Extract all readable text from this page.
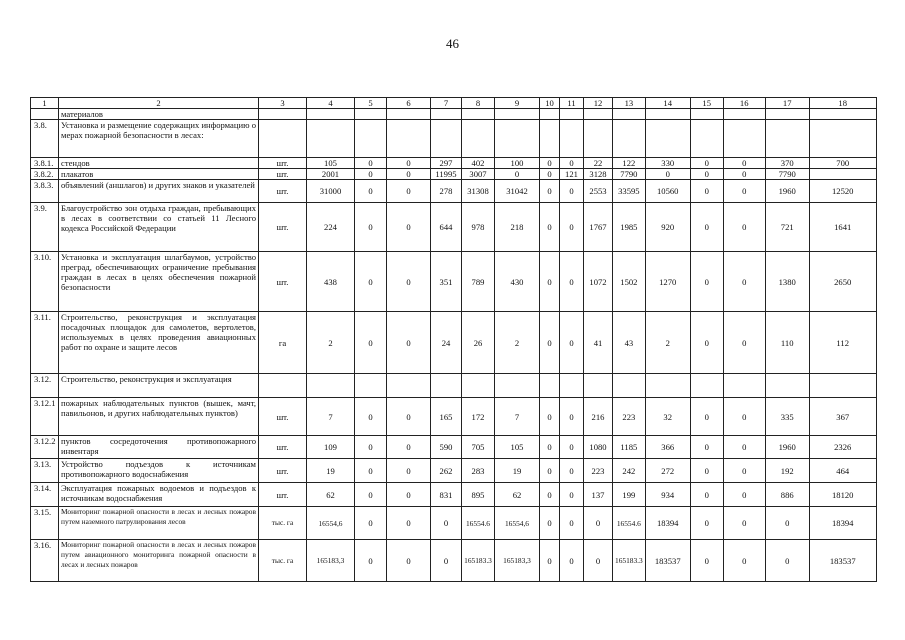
46
1	2	3	4	5	6	7	8	9	10	11	12	13	14	15	16	17	18
	материалов																
3.8.	Установка и размещение содержащих информацию о мерах пожарной безопасности в лесах:																
3.8.1.	стендов	шт.	105	0	0	297	402	100	0	0	22	122	330	0	0	370	700
3.8.2.	плакатов	шт.	2001	0	0	11995	3007	0	0	121	3128	7790	0	0	0	7790	
3.8.3.	объявлений (аншлагов) и других знаков и указателей	шт.	31000	0	0	278	31308	31042	0	0	2553	33595	10560	0	0	1960	12520
3.9.	Благоустройство зон отдыха граждан, пребывающих в лесах в соответствии со статьей 11 Лесного кодекса Российской Федерации	шт.	224	0	0	644	978	218	0	0	1767	1985	920	0	0	721	1641
3.10.	Установка и эксплуатация шлагбаумов, устройство преград, обеспечивающих ограничение пребывания граждан в лесах в целях обеспечения пожарной безопасности	шт.	438	0	0	351	789	430	0	0	1072	1502	1270	0	0	1380	2650
3.11.	Строительство, реконструкция и эксплуатация посадочных площадок для самолетов, вертолетов, используемых в целях проведения авиационных работ по охране и защите лесов	га	2	0	0	24	26	2	0	0	41	43	2	0	0	110	112
3.12.	Строительство, реконструкция и эксплуатация																
3.12.1	пожарных наблюдательных пунктов (вышек, мачт, павильонов, и других наблюдательных пунктов)	шт.	7	0	0	165	172	7	0	0	216	223	32	0	0	335	367
3.12.2	пунктов сосредоточения противопожарного инвентаря	шт.	109	0	0	590	705	105	0	0	1080	1185	366	0	0	1960	2326
3.13.	Устройство подъездов к источникам противопожарного водоснабжения	шт.	19	0	0	262	283	19	0	0	223	242	272	0	0	192	464
3.14.	Эксплуатация пожарных водоемов и подъездов к источникам водоснабжения	шт.	62	0	0	831	895	62	0	0	137	199	934	0	0	886	18120
3.15.	Мониторинг пожарной опасности в лесах и лесных пожаров путем наземного патрулирования лесов	тыс. га	16554,6	0	0	0	16554.6	16554,6	0	0	0	16554.6	18394	0	0	0	18394
3.16.	Мониторинг пожарной опасности в лесах и лесных пожаров путем авиационного мониторинга пожарной опасности в лесах и лесных пожаров	тыс. га	165183,3	0	0	0	165183.3	165183,3	0	0	0	165183.3	183537	0	0	0	183537
